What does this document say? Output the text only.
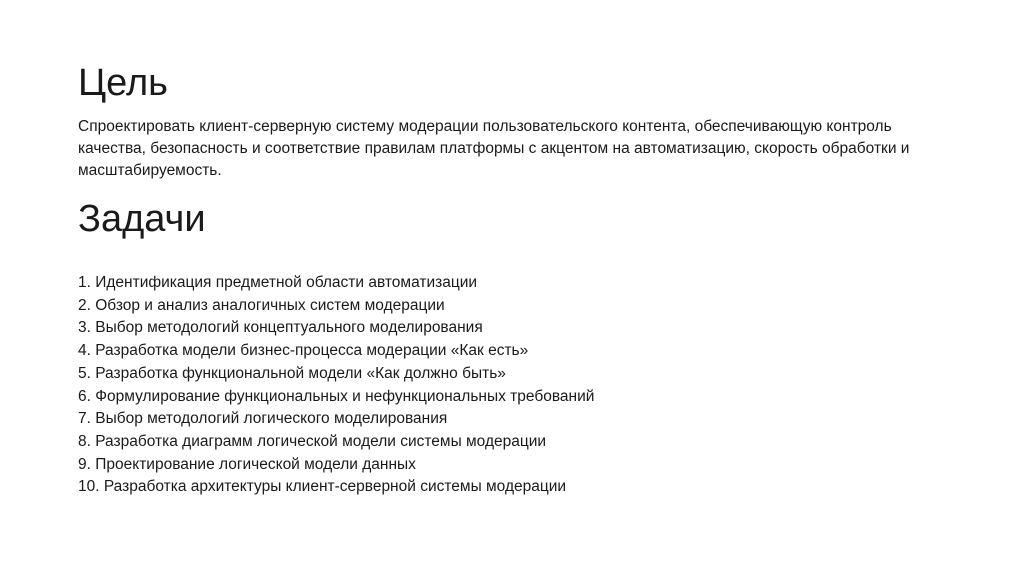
Цель

Спроектировать клиент-серверную систему модерации пользовательского контента, обеспечивающую контроль качества, безопасность и соответствие правилам платформы с акцентом на автоматизацию, скорость обработки и масштабируемость.

Задачи
1. Идентификация предметной области автоматизации
2. Обзор и анализ аналогичных систем модерации
3. Выбор методологий концептуального моделирования
4. Разработка модели бизнес-процесса модерации «Как есть»
5. Разработка функциональной модели «Как должно быть»
6. Формулирование функциональных и нефункциональных требований
7. Выбор методологий логического моделирования
8. Разработка диаграмм логической модели системы модерации
9. Проектирование логической модели данных
10. Разработка архитектуры клиент-серверной системы модерации
